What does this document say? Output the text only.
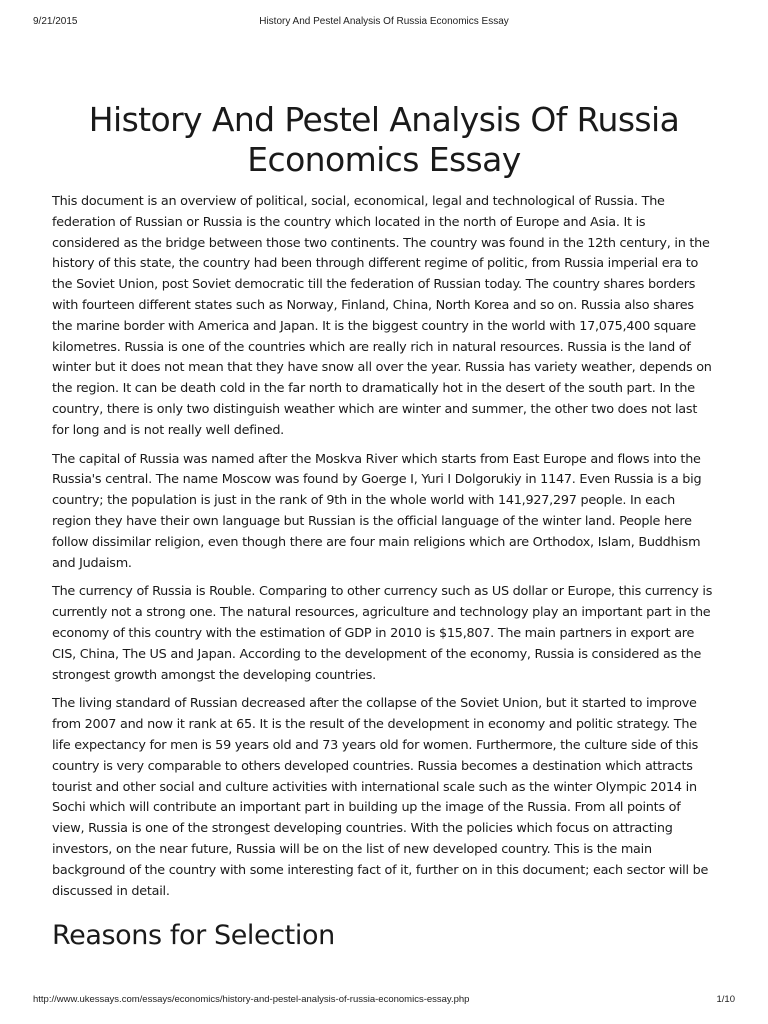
9/21/2015	History And Pestel Analysis Of Russia Economics Essay
History And Pestel Analysis Of Russia Economics Essay

This document is an overview of political, social, economical, legal and technological of Russia. The federation of Russian or Russia is the country which located in the north of Europe and Asia. It is considered as the bridge between those two continents. The country was found in the 12th century, in the history of this state, the country had been through different regime of politic, from Russia imperial era to the Soviet Union, post Soviet democratic till the federation of Russian today. The country shares borders with fourteen different states such as Norway, Finland, China, North Korea and so on. Russia also shares the marine border with America and Japan. It is the biggest country in the world with 17,075,400 square kilometres. Russia is one of the countries which are really rich in natural resources. Russia is the land of winter but it does not mean that they have snow all over the year. Russia has variety weather, depends on the region. It can be death cold in the far north to dramatically hot in the desert of the south part. In the country, there is only two distinguish weather which are winter and summer, the other two does not last for long and is not really well defined.

The capital of Russia was named after the Moskva River which starts from East Europe and flows into the Russia's central. The name Moscow was found by Goerge I, Yuri I Dolgorukiy in 1147. Even Russia is a big country; the population is just in the rank of 9th in the whole world with 141,927,297 people. In each region they have their own language but Russian is the official language of the winter land. People here follow dissimilar religion, even though there are four main religions which are Orthodox, Islam, Buddhism and Judaism.

The currency of Russia is Rouble. Comparing to other currency such as US dollar or Europe, this currency is currently not a strong one. The natural resources, agriculture and technology play an important part in the economy of this country with the estimation of GDP in 2010 is $15,807. The main partners in export are CIS, China, The US and Japan. According to the development of the economy, Russia is considered as the strongest growth amongst the developing countries.

The living standard of Russian decreased after the collapse of the Soviet Union, but it started to improve from 2007 and now it rank at 65. It is the result of the development in economy and politic strategy. The life expectancy for men is 59 years old and 73 years old for women. Furthermore, the culture side of this country is very comparable to others developed countries. Russia becomes a destination which attracts tourist and other social and culture activities with international scale such as the winter Olympic 2014 in Sochi which will contribute an important part in building up the image of the Russia. From all points of view, Russia is one of the strongest developing countries. With the policies which focus on attracting investors, on the near future, Russia will be on the list of new developed country. This is the main background of the country with some interesting fact of it, further on in this document; each sector will be discussed in detail.

Reasons for Selection
http://www.ukessays.com/essays/economics/history-and-pestel-analysis-of-russia-economics-essay.php	1/10
